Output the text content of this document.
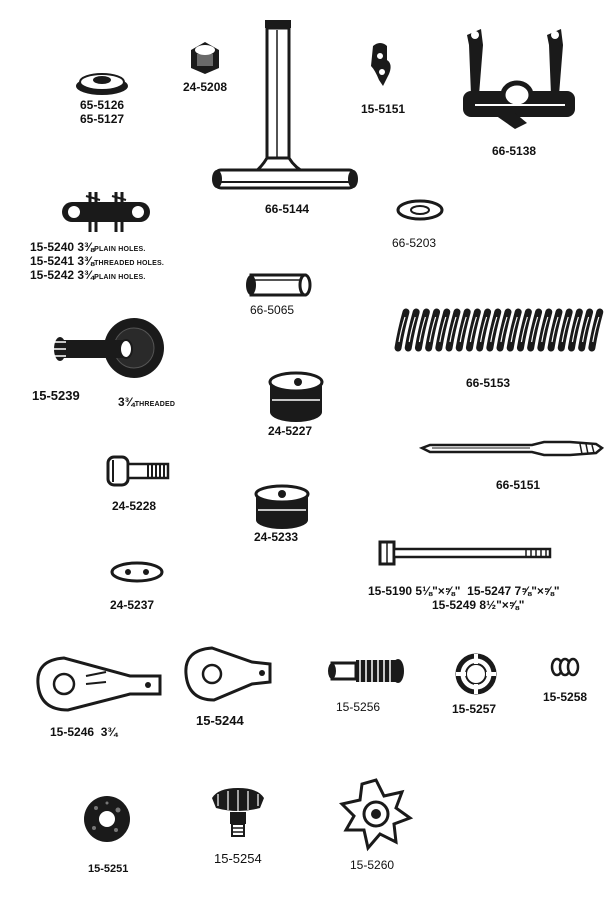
65-5126
65-5127
24-5208
66-5144
15-5151
66-5138
15-5240 3⅜PLAIN HOLES.
15-5241 3⅜THREADED HOLES.
15-5242 3¾PLAIN HOLES.
66-5203
66-5065
66-5153
15-5239	3¾THREADED
24-5227
66-5151
24-5228
24-5233
15-5190 5⅛"×⅝" 15-5247 7⅝"×⅝"
15-5249 8½"×⅝"
24-5237
15-5246 3¾
15-5244
15-5256	15-5257
15-5258
15-5251
15-5254	15-5260
